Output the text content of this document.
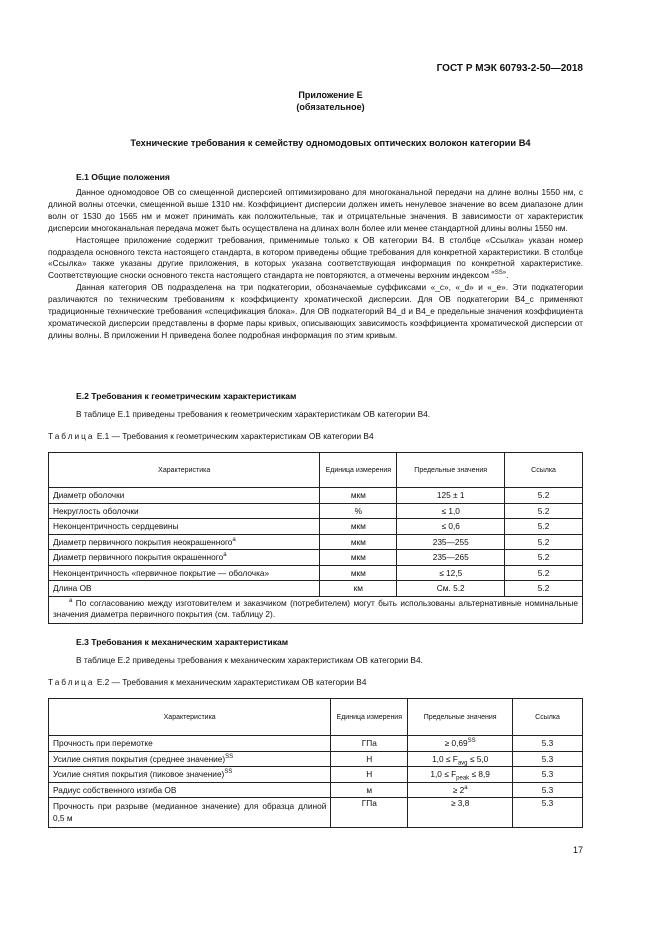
ГОСТ Р МЭК 60793-2-50—2018
Приложение Е
(обязательное)
Технические требования к семейству одномодовых оптических волокон категории В4
Е.1 Общие положения

Данное одномодовое ОВ со смещенной дисперсией оптимизировано для многоканальной передачи на длине волны 1550 нм, с длиной волны отсечки, смещенной выше 1310 нм. Коэффициент дисперсии должен иметь ненулевое значение во всем диапазоне длин волн от 1530 до 1565 нм и может принимать как положительные, так и отрицательные значения. В зависимости от характеристик дисперсии многоканальная передача может быть осуществлена на длинах волн более или менее стандартной длины волны 1550 нм.

Настоящее приложение содержит требования, применимые только к ОВ категории В4. В столбце «Ссылка» указан номер подраздела основного текста настоящего стандарта, в котором приведены общие требования для конкретной характеристики. В столбце «Ссылка» также указаны другие приложения, в которых указана соответствующая информация по конкретной характеристике. Соответствующие сноски основного текста настоящего стандарта не повторяются, а отмечены верхним индексом $^{«SS»}$.

Данная категория ОВ подразделена на три подкатегории, обозначаемые суффиксами «_c», «_d» и «_e». Эти подкатегории различаются по техническим требованиям к коэффициенту хроматической дисперсии. Для ОВ подкатегории В4_c применяют традиционные технические требования «спецификация блока». Для ОВ подкатегорий В4_d и В4_e предельные значения коэффициента хроматической дисперсии представлены в форме пары кривых, описывающих зависимость коэффициента хроматической дисперсии от длины волны. В приложении Н приведена более подробная информация по этим кривым.

Е.2 Требования к геометрическим характеристикам

В таблице Е.1 приведены требования к геометрическим характеристикам ОВ категории В4.

Таблица Е.1 — Требования к геометрическим характеристикам ОВ категории В4
Характеристика	Единица измерения	Предельные значения	Ссылка
Диаметр оболочки	мкм	125 ± 1	5.2
Некруглость оболочки	%	≤ 1,0	5.2
Неконцентричность сердцевины	мкм	≤ 0,6	5.2
Диаметр первичного покрытия неокрашенного$^a$	мкм	235—255	5.2
Диаметр первичного покрытия окрашенного$^a$	мкм	235—265	5.2
Неконцентричность «первичное покрытие — оболочка»	мкм	≤ 12,5	5.2
Длина ОВ	км	См. 5.2	5.2
$^a$ По согласованию между изготовителем и заказчиком (потребителем) могут быть использованы альтернативные номинальные значения диаметра первичного покрытия (см. таблицу 2).			
Е.3 Требования к механическим характеристикам

В таблице Е.2 приведены требования к механическим характеристикам ОВ категории В4.

Таблица Е.2 — Требования к механическим характеристикам ОВ категории В4
Характеристика	Единица измерения	Предельные значения	Ссылка
Прочность при перемотке	ГПа	≥ $0,69^{SS}$	5.3
Усилие снятия покрытия (среднее значение)$^{SS}$	Н	$1,0 \le F_{avg} \le 5,0$	5.3
Усилие снятия покрытия (пиковое значение)$^{SS}$	Н	$1,0 \le F_{peak} \le 8,9$	5.3
Радиус собственного изгиба ОВ	м	≥ $2^a$	5.3
Прочность при разрыве (медианное значение) для образца длиной 0,5 м	ГПа	≥ 3,8	5.3
17
